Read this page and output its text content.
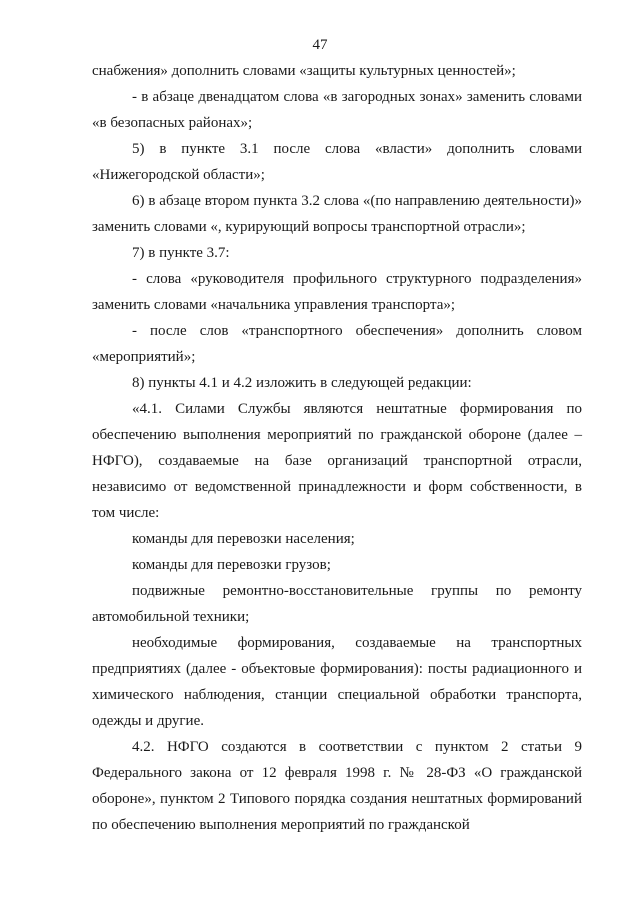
47

снабжения» дополнить словами «защиты культурных ценностей»;

- в абзаце двенадцатом слова «в загородных зонах» заменить словами «в безопасных районах»;

5) в пункте 3.1 после слова «власти» дополнить словами «Нижегородской области»;

6) в абзаце втором пункта 3.2 слова «(по направлению деятельности)» заменить словами «, курирующий вопросы транспортной отрасли»;

7) в пункте 3.7:

- слова «руководителя профильного структурного подразделения» заменить словами «начальника управления транспорта»;

- после слов «транспортного обеспечения» дополнить словом «мероприятий»;

8) пункты 4.1 и 4.2 изложить в следующей редакции:

«4.1. Силами Службы являются нештатные формирования по обеспечению выполнения мероприятий по гражданской обороне (далее – НФГО), создаваемые на базе организаций транспортной отрасли, независимо от ведомственной принадлежности и форм собственности, в том числе:

команды для перевозки населения;

команды для перевозки грузов;

подвижные ремонтно-восстановительные группы по ремонту автомобильной техники;

необходимые формирования, создаваемые на транспортных предприятиях (далее - объектовые формирования): посты радиационного и химического наблюдения, станции специальной обработки транспорта, одежды и другие.

4.2. НФГО создаются в соответствии с пунктом 2 статьи 9 Федерального закона от 12 февраля 1998 г. № 28-ФЗ «О гражданской обороне», пунктом 2 Типового порядка создания нештатных формирований по обеспечению выполнения мероприятий по гражданской
